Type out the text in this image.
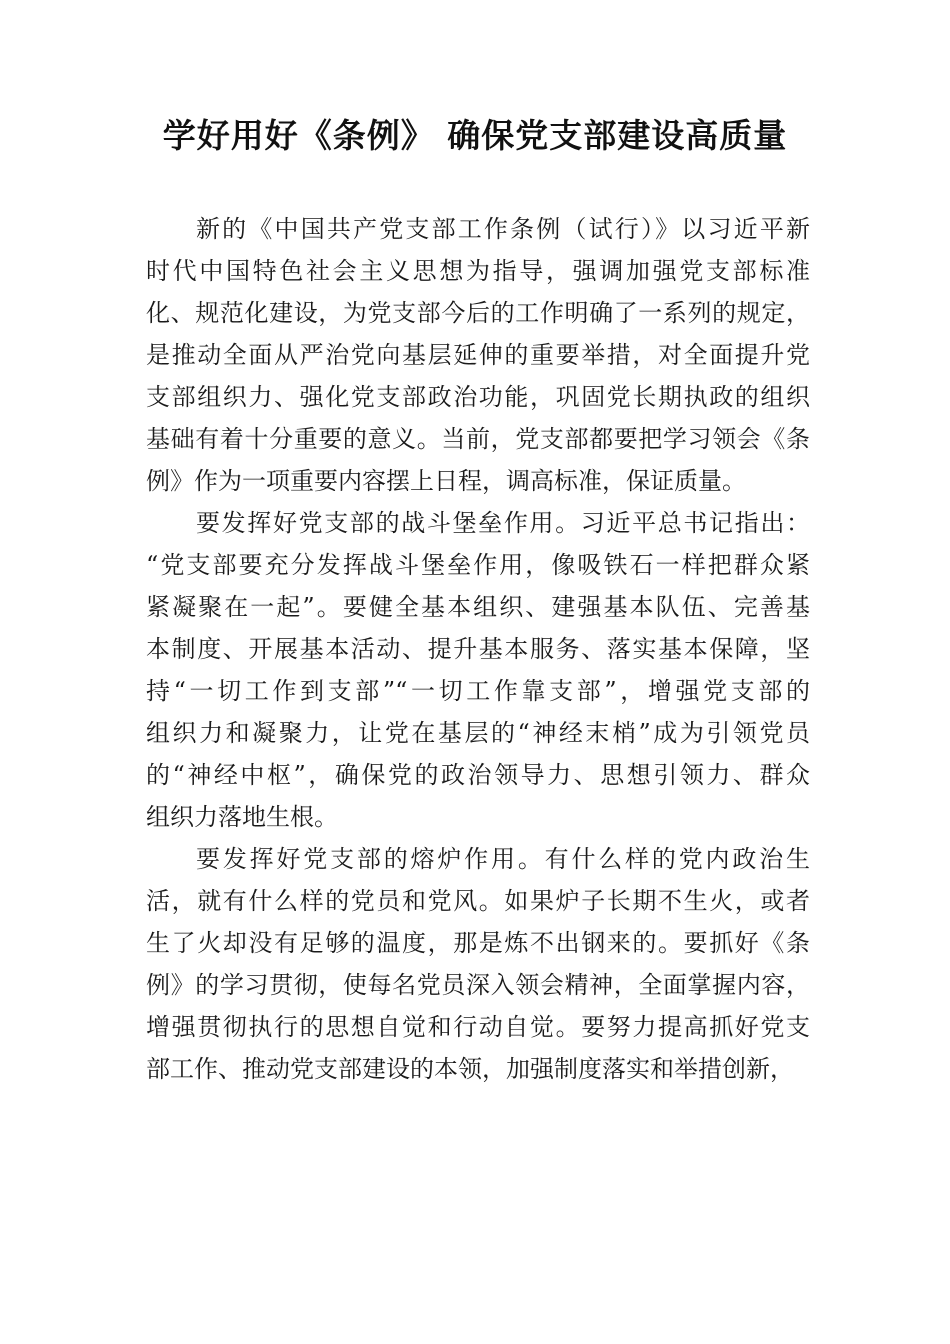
学好用好《条例》 确保党支部建设高质量
新的《中国共产党支部工作条例（试行）》以习近平新
时代中国特色社会主义思想为指导，强调加强党支部标准
化、规范化建设，为党支部今后的工作明确了一系列的规定，
是推动全面从严治党向基层延伸的重要举措，对全面提升党
支部组织力、强化党支部政治功能，巩固党长期执政的组织
基础有着十分重要的意义。当前，党支部都要把学习领会《条
例》作为一项重要内容摆上日程，调高标准，保证质量。
要发挥好党支部的战斗堡垒作用。习近平总书记指出：
“党支部要充分发挥战斗堡垒作用，像吸铁石一样把群众紧
紧凝聚在一起”。要健全基本组织、建强基本队伍、完善基
本制度、开展基本活动、提升基本服务、落实基本保障，坚
持“一切工作到支部”“一切工作靠支部”，增强党支部的
组织力和凝聚力，让党在基层的“神经末梢”成为引领党员
的“神经中枢”，确保党的政治领导力、思想引领力、群众
组织力落地生根。
要发挥好党支部的熔炉作用。有什么样的党内政治生
活，就有什么样的党员和党风。如果炉子长期不生火，或者
生了火却没有足够的温度，那是炼不出钢来的。要抓好《条
例》的学习贯彻，使每名党员深入领会精神，全面掌握内容，
增强贯彻执行的思想自觉和行动自觉。要努力提高抓好党支
部工作、推动党支部建设的本领，加强制度落实和举措创新，
